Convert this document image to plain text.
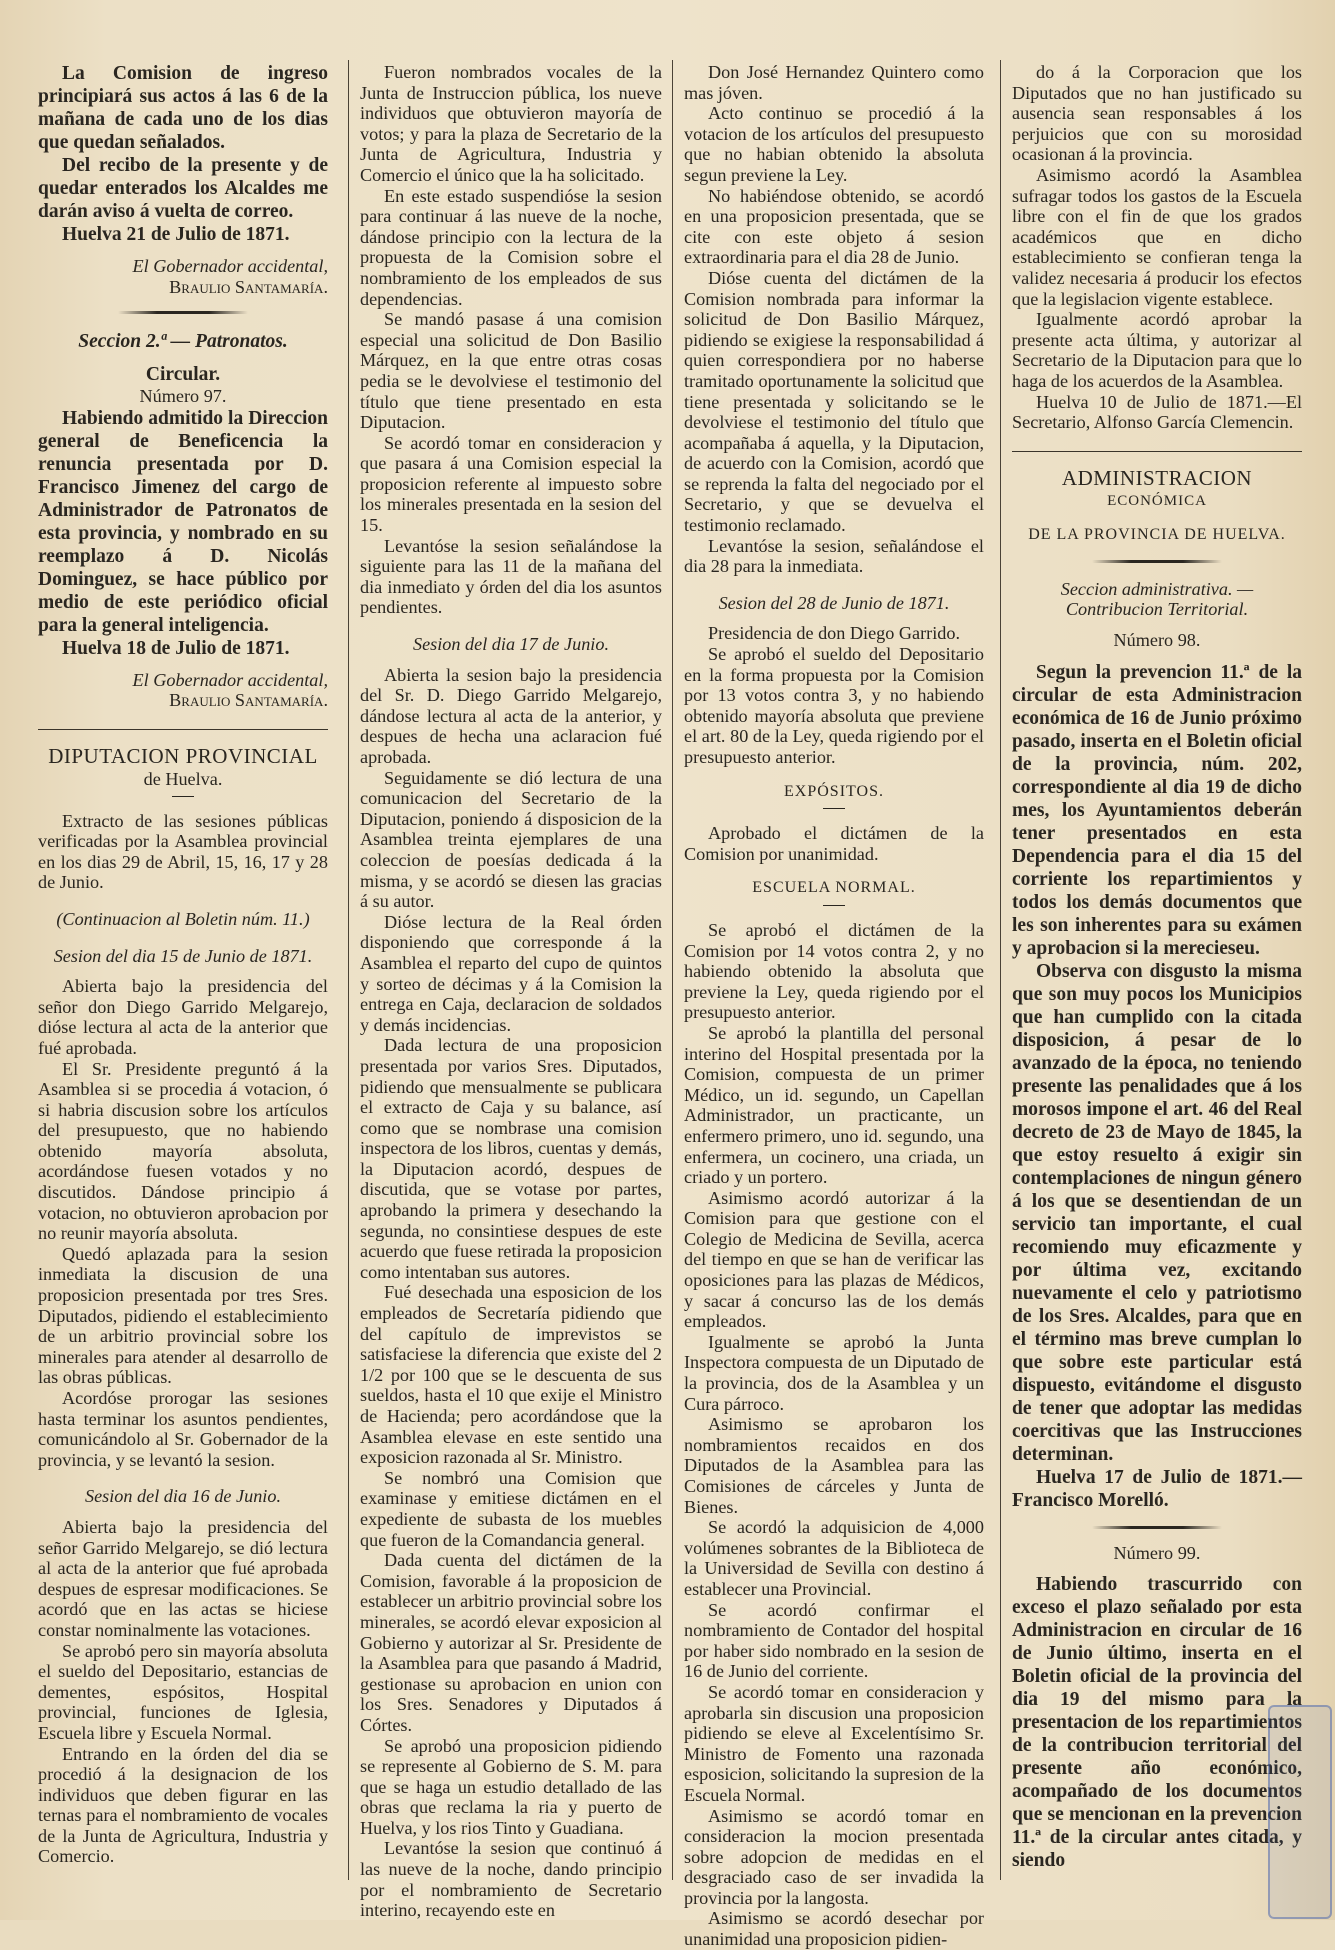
La Comision de ingreso principiará sus actos á las 6 de la mañana de cada uno de los dias que quedan señalados.

Del recibo de la presente y de quedar enterados los Alcaldes me darán aviso á vuelta de correo.

Huelva 21 de Julio de 1871.

El Gobernador accidental,

Braulio Santamaría.

Seccion 2.ª — Patronatos.

Circular.

Número 97.

Habiendo admitido la Direccion general de Beneficencia la renuncia presentada por D. Francisco Jimenez del cargo de Administrador de Patronatos de esta provincia, y nombrado en su reemplazo á D. Nicolás Dominguez, se hace público por medio de este periódico oficial para la general inteligencia.

Huelva 18 de Julio de 1871.

El Gobernador accidental,

Braulio Santamaría.

DIPUTACION PROVINCIAL

de Huelva.

Extracto de las sesiones públicas verificadas por la Asamblea provincial en los dias 29 de Abril, 15, 16, 17 y 28 de Junio.

(Continuacion al Boletin núm. 11.)

Sesion del dia 15 de Junio de 1871.

Abierta bajo la presidencia del señor don Diego Garrido Melgarejo, dióse lectura al acta de la anterior que fué aprobada.

El Sr. Presidente preguntó á la Asamblea si se procedia á votacion, ó si habria discusion sobre los artículos del presupuesto, que no habiendo obtenido mayoría absoluta, acordándose fuesen votados y no discutidos. Dándose principio á votacion, no obtuvieron aprobacion por no reunir mayoría absoluta.

Quedó aplazada para la sesion inmediata la discusion de una proposicion presentada por tres Sres. Diputados, pidiendo el establecimiento de un arbitrio provincial sobre los minerales para atender al desarrollo de las obras públicas.

Acordóse prorogar las sesiones hasta terminar los asuntos pendientes, comunicándolo al Sr. Gobernador de la provincia, y se levantó la sesion.

Sesion del dia 16 de Junio.

Abierta bajo la presidencia del señor Garrido Melgarejo, se dió lectura al acta de la anterior que fué aprobada despues de espresar modificaciones. Se acordó que en las actas se hiciese constar nominalmente las votaciones.

Se aprobó pero sin mayoría absoluta el sueldo del Depositario, estancias de dementes, espósitos, Hospital provincial, funciones de Iglesia, Escuela libre y Escuela Normal.

Entrando en la órden del dia se procedió á la designacion de los individuos que deben figurar en las ternas para el nombramiento de vocales de la Junta de Agricultura, Industria y Comercio.

Fueron nombrados vocales de la Junta de Instruccion pública, los nueve individuos que obtuvieron mayoría de votos; y para la plaza de Secretario de la Junta de Agricultura, Industria y Comercio el único que la ha solicitado.

En este estado suspendióse la sesion para continuar á las nueve de la noche, dándose principio con la lectura de la propuesta de la Comision sobre el nombramiento de los empleados de sus dependencias.

Se mandó pasase á una comision especial una solicitud de Don Basilio Márquez, en la que entre otras cosas pedia se le devolviese el testimonio del título que tiene presentado en esta Diputacion.

Se acordó tomar en consideracion y que pasara á una Comision especial la proposicion referente al impuesto sobre los minerales presentada en la sesion del 15.

Levantóse la sesion señalándose la siguiente para las 11 de la mañana del dia inmediato y órden del dia los asuntos pendientes.

Sesion del dia 17 de Junio.

Abierta la sesion bajo la presidencia del Sr. D. Diego Garrido Melgarejo, dándose lectura al acta de la anterior, y despues de hecha una aclaracion fué aprobada.

Seguidamente se dió lectura de una comunicacion del Secretario de la Diputacion, poniendo á disposicion de la Asamblea treinta ejemplares de una coleccion de poesías dedicada á la misma, y se acordó se diesen las gracias á su autor.

Dióse lectura de la Real órden disponiendo que corresponde á la Asamblea el reparto del cupo de quintos y sorteo de décimas y á la Comision la entrega en Caja, declaracion de soldados y demás incidencias.

Dada lectura de una proposicion presentada por varios Sres. Diputados, pidiendo que mensualmente se publicara el extracto de Caja y su balance, así como que se nombrase una comision inspectora de los libros, cuentas y demás, la Diputacion acordó, despues de discutida, que se votase por partes, aprobando la primera y desechando la segunda, no consintiese despues de este acuerdo que fuese retirada la proposicion como intentaban sus autores.

Fué desechada una esposicion de los empleados de Secretaría pidiendo que del capítulo de imprevistos se satisfaciese la diferencia que existe del 2 1/2 por 100 que se le descuenta de sus sueldos, hasta el 10 que exije el Ministro de Hacienda; pero acordándose que la Asamblea elevase en este sentido una exposicion razonada al Sr. Ministro.

Se nombró una Comision que examinase y emitiese dictámen en el expediente de subasta de los muebles que fueron de la Comandancia general.

Dada cuenta del dictámen de la Comision, favorable á la proposicion de establecer un arbitrio provincial sobre los minerales, se acordó elevar exposicion al Gobierno y autorizar al Sr. Presidente de la Asamblea para que pasando á Madrid, gestionase su aprobacion en union con los Sres. Senadores y Diputados á Córtes.

Se aprobó una proposicion pidiendo se represente al Gobierno de S. M. para que se haga un estudio detallado de las obras que reclama la ria y puerto de Huelva, y los rios Tinto y Guadiana.

Levantóse la sesion que continuó á las nueve de la noche, dando principio por el nombramiento de Secretario interino, recayendo este en

Don José Hernandez Quintero como mas jóven.

Acto continuo se procedió á la votacion de los artículos del presupuesto que no habian obtenido la absoluta segun previene la Ley.

No habiéndose obtenido, se acordó en una proposicion presentada, que se cite con este objeto á sesion extraordinaria para el dia 28 de Junio.

Dióse cuenta del dictámen de la Comision nombrada para informar la solicitud de Don Basilio Márquez, pidiendo se exigiese la responsabilidad á quien correspondiera por no haberse tramitado oportunamente la solicitud que tiene presentada y solicitando se le devolviese el testimonio del título que acompañaba á aquella, y la Diputacion, de acuerdo con la Comision, acordó que se reprenda la falta del negociado por el Secretario, y que se devuelva el testimonio reclamado.

Levantóse la sesion, señalándose el dia 28 para la inmediata.

Sesion del 28 de Junio de 1871.

Presidencia de don Diego Garrido.

Se aprobó el sueldo del Depositario en la forma propuesta por la Comision por 13 votos contra 3, y no habiendo obtenido mayoría absoluta que previene el art. 80 de la Ley, queda rigiendo por el presupuesto anterior.

EXPÓSITOS.

Aprobado el dictámen de la Comision por unanimidad.

ESCUELA NORMAL.

Se aprobó el dictámen de la Comision por 14 votos contra 2, y no habiendo obtenido la absoluta que previene la Ley, queda rigiendo por el presupuesto anterior.

Se aprobó la plantilla del personal interino del Hospital presentada por la Comision, compuesta de un primer Médico, un id. segundo, un Capellan Administrador, un practicante, un enfermero primero, uno id. segundo, una enfermera, un cocinero, una criada, un criado y un portero.

Asimismo acordó autorizar á la Comision para que gestione con el Colegio de Medicina de Sevilla, acerca del tiempo en que se han de verificar las oposiciones para las plazas de Médicos, y sacar á concurso las de los demás empleados.

Igualmente se aprobó la Junta Inspectora compuesta de un Diputado de la provincia, dos de la Asamblea y un Cura párroco.

Asimismo se aprobaron los nombramientos recaidos en dos Diputados de la Asamblea para las Comisiones de cárceles y Junta de Bienes.

Se acordó la adquisicion de 4,000 volúmenes sobrantes de la Biblioteca de la Universidad de Sevilla con destino á establecer una Provincial.

Se acordó confirmar el nombramiento de Contador del hospital por haber sido nombrado en la sesion de 16 de Junio del corriente.

Se acordó tomar en consideracion y aprobarla sin discusion una proposicion pidiendo se eleve al Excelentísimo Sr. Ministro de Fomento una razonada esposicion, solicitando la supresion de la Escuela Normal.

Asimismo se acordó tomar en consideracion la mocion presentada sobre adopcion de medidas en el desgraciado caso de ser invadida la provincia por la langosta.

Asimismo se acordó desechar por unanimidad una proposicion pidien-

do á la Corporacion que los Diputados que no han justificado su ausencia sean responsables á los perjuicios que con su morosidad ocasionan á la provincia.

Asimismo acordó la Asamblea sufragar todos los gastos de la Escuela libre con el fin de que los grados académicos que en dicho establecimiento se confieran tenga la validez necesaria á producir los efectos que la legislacion vigente establece.

Igualmente acordó aprobar la presente acta última, y autorizar al Secretario de la Diputacion para que lo haga de los acuerdos de la Asamblea.

Huelva 10 de Julio de 1871.—El Secretario, Alfonso García Clemencin.

ADMINISTRACION

ECONÓMICA

DE LA PROVINCIA DE HUELVA.

Seccion administrativa. — Contribucion Territorial.

Número 98.

Segun la prevencion 11.ª de la circular de esta Administracion económica de 16 de Junio próximo pasado, inserta en el Boletin oficial de la provincia, núm. 202, correspondiente al dia 19 de dicho mes, los Ayuntamientos deberán tener presentados en esta Dependencia para el dia 15 del corriente los repartimientos y todos los demás documentos que les son inherentes para su exámen y aprobacion si la merecieseu.

Observa con disgusto la misma que son muy pocos los Municipios que han cumplido con la citada disposicion, á pesar de lo avanzado de la época, no teniendo presente las penalidades que á los morosos impone el art. 46 del Real decreto de 23 de Mayo de 1845, la que estoy resuelto á exigir sin contemplaciones de ningun género á los que se desentiendan de un servicio tan importante, el cual recomiendo muy eficazmente y por última vez, excitando nuevamente el celo y patriotismo de los Sres. Alcaldes, para que en el término mas breve cumplan lo que sobre este particular está dispuesto, evitándome el disgusto de tener que adoptar las medidas coercitivas que las Instrucciones determinan.

Huelva 17 de Julio de 1871.— Francisco Morelló.

Número 99.

Habiendo trascurrido con exceso el plazo señalado por esta Administracion en circular de 16 de Junio último, inserta en el Boletin oficial de la provincia del dia 19 del mismo para la presentacion de los repartimientos de la contribucion territorial del presente año económico, acompañado de los documentos que se mencionan en la prevencion 11.ª de la circular antes citada, y siendo
